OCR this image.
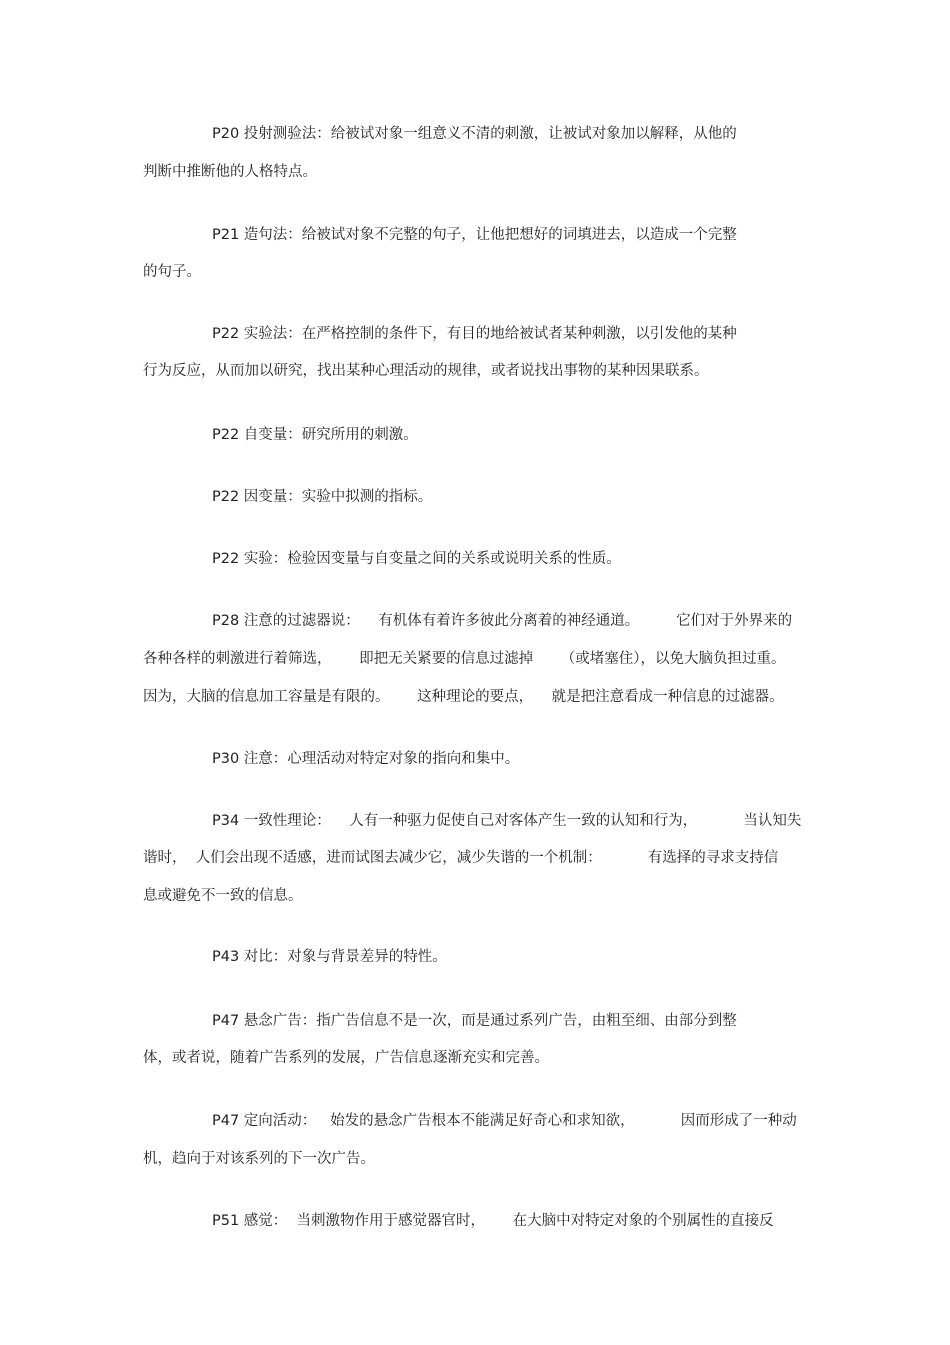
P20 投射测验法：给被试对象一组意义不清的刺激，让被试对象加以解释，从他的
判断中推断他的人格特点。
P21 造句法：给被试对象不完整的句子，让他把想好的词填进去，以造成一个完整
的句子。
P22 实验法：在严格控制的条件下，有目的地给被试者某种刺激，以引发他的某种
行为反应，从而加以研究，找出某种心理活动的规律，或者说找出事物的某种因果联系。
P22 自变量：研究所用的刺激。
P22 因变量：实验中拟测的指标。
P22 实验：检验因变量与自变量之间的关系或说明关系的性质。
P28 注意的过滤器说：    有机体有着许多彼此分离着的神经通道。        它们对于外界来的
各种各样的刺激进行着筛选，      即把无关紧要的信息过滤掉      （或堵塞住），以免大脑负担过重。
因为，大脑的信息加工容量是有限的。      这种理论的要点，    就是把注意看成一种信息的过滤器。
P30 注意：心理活动对特定对象的指向和集中。
P34 一致性理论：    人有一种驱力促使自己对客体产生一致的认知和行为，          当认知失
谐时，  人们会出现不适感，进而试图去减少它，减少失谐的一个机制：          有选择的寻求支持信
息或避免不一致的信息。
P43 对比：对象与背景差异的特性。
P47 悬念广告：指广告信息不是一次，而是通过系列广告，由粗至细、由部分到整
体，或者说，随着广告系列的发展，广告信息逐渐充实和完善。
P47 定向活动：   始发的悬念广告根本不能满足好奇心和求知欲，          因而形成了一种动
机，趋向于对该系列的下一次广告。
P51 感觉：  当刺激物作用于感觉器官时，      在大脑中对特定对象的个别属性的直接反
